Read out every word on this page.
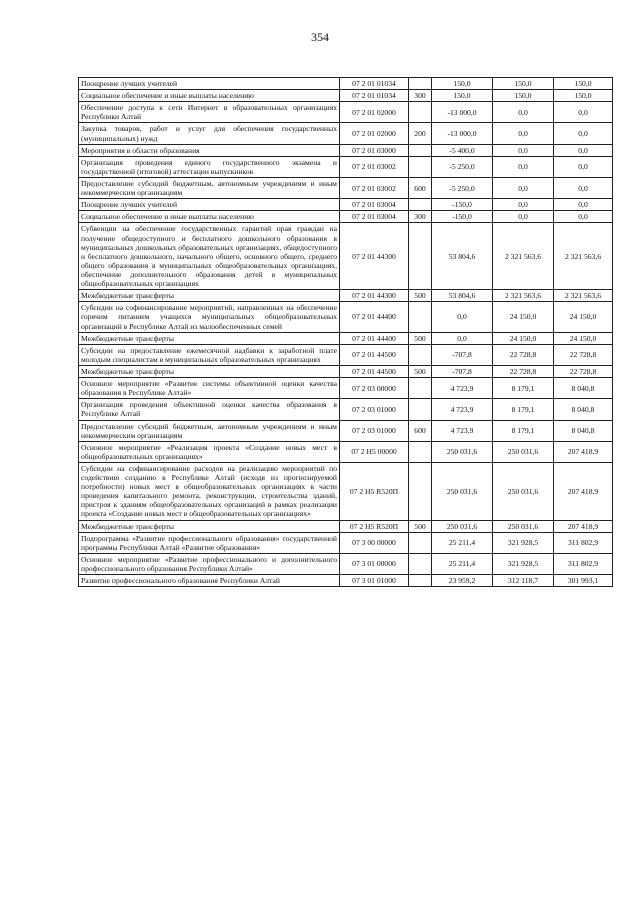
354
Поощрение лучших учителей	07 2 01 01034		150,0	150,0	150,0
Социальное обеспечение и иные выплаты населению	07 2 01 01034	300	150,0	150,0	150,0
Обеспечение доступа к сети Интернет в образовательных организациях Республики Алтай	07 2 01 02000		-13 000,0	0,0	0,0
Закупка товаров, работ и услуг для обеспечения государственных (муниципальных) нужд	07 2 01 02000	200	-13 000,0	0,0	0,0
Мероприятия в области образования	07 2 01 03000		-5 400,0	0,0	0,0
Организация проведения единого государственного экзамена и государственной (итоговой) аттестации выпускников	07 2 01 03002		-5 250,0	0,0	0,0
Предоставление субсидий бюджетным, автономным учреждениям и иным некоммерческим организациям	07 2 01 03002	600	-5 250,0	0,0	0,0
Поощрение лучших учителей	07 2 01 03004		-150,0	0,0	0,0
Социальное обеспечение и иные выплаты населению	07 2 01 03004	300	-150,0	0,0	0,0
Субвенции на обеспечение государственных гарантий прав граждан на получение общедоступного и бесплатного дошкольного образования в муниципальных дошкольных образовательных организациях, общедоступного и бесплатного дошкольного, начального общего, основного общего, среднего общего образования в муниципальных общеобразовательных организациях, обеспечение дополнительного образования детей в муниципальных общеобразовательных организациях	07 2 01 44300		53 804,6	2 321 563,6	2 321 563,6
Межбюджетные трансферты	07 2 01 44300	500	53 804,6	2 321 563,6	2 321 563,6
Субсидии на софинансирование мероприятий, направленных на обеспечение горячим питанием учащихся муниципальных общеобразовательных организаций в Республике Алтай из малообеспеченных семей	07 2 01 44400		0,0	24 150,0	24 150,0
Межбюджетные трансферты	07 2 01 44400	500	0,0	24 150,0	24 150,0
Субсидии на предоставление ежемесячной надбавки к заработной плате молодым специалистам в муниципальных образовательных организациях	07 2 01 44500		-707,8	22 728,8	22 728,8
Межбюджетные трансферты	07 2 01 44500	500	-707,8	22 728,8	22 728,8
Основное мероприятие «Развитие системы объективной оценки качества образования в Республике Алтай»	07 2 03 00000		4 723,9	8 179,1	8 040,8
Организация проведения объективной оценки качества образования в Республике Алтай	07 2 03 01000		4 723,9	8 179,1	8 040,8
Предоставление субсидий бюджетным, автономным учреждениям и иным некоммерческим организациям	07 2 03 01000	600	4 723,9	8 179,1	8 040,8
Основное мероприятие «Реализация проекта «Создание новых мест в общеобразовательных организациях»	07 2 Н5 00000		250 031,6	250 031,6	207 418,9
Субсидии на софинансирование расходов на реализацию мероприятий по содействию созданию в Республике Алтай (исходя из прогнозируемой потребности) новых мест в общеобразовательных организациях в части проведения капитального ремонта, реконструкции, строительства зданий, пристроя к зданиям общеобразовательных организаций в рамках реализации проекта «Создание новых мест в общеобразовательных организациях»	07 2 Н5 R520П		250 031,6	250 031,6	207 418,9
Межбюджетные трансферты	07 2 Н5 R520П	500	250 031,6	250 031,6	207 418,9
Подпрограмма «Развитие профессионального образования» государственной программы Республики Алтай «Развитие образования»	07 3 00 00000		25 211,4	321 928,5	311 802,9
Основное мероприятие «Развитие профессионального и дополнительного профессионального образования Республики Алтай»	07 3 01 00000		25 211,4	321 928,5	311 802,9
Развитие профессионального образования Республики Алтай	07 3 01 01000		23 959,2	312 118,7	301 993,1
